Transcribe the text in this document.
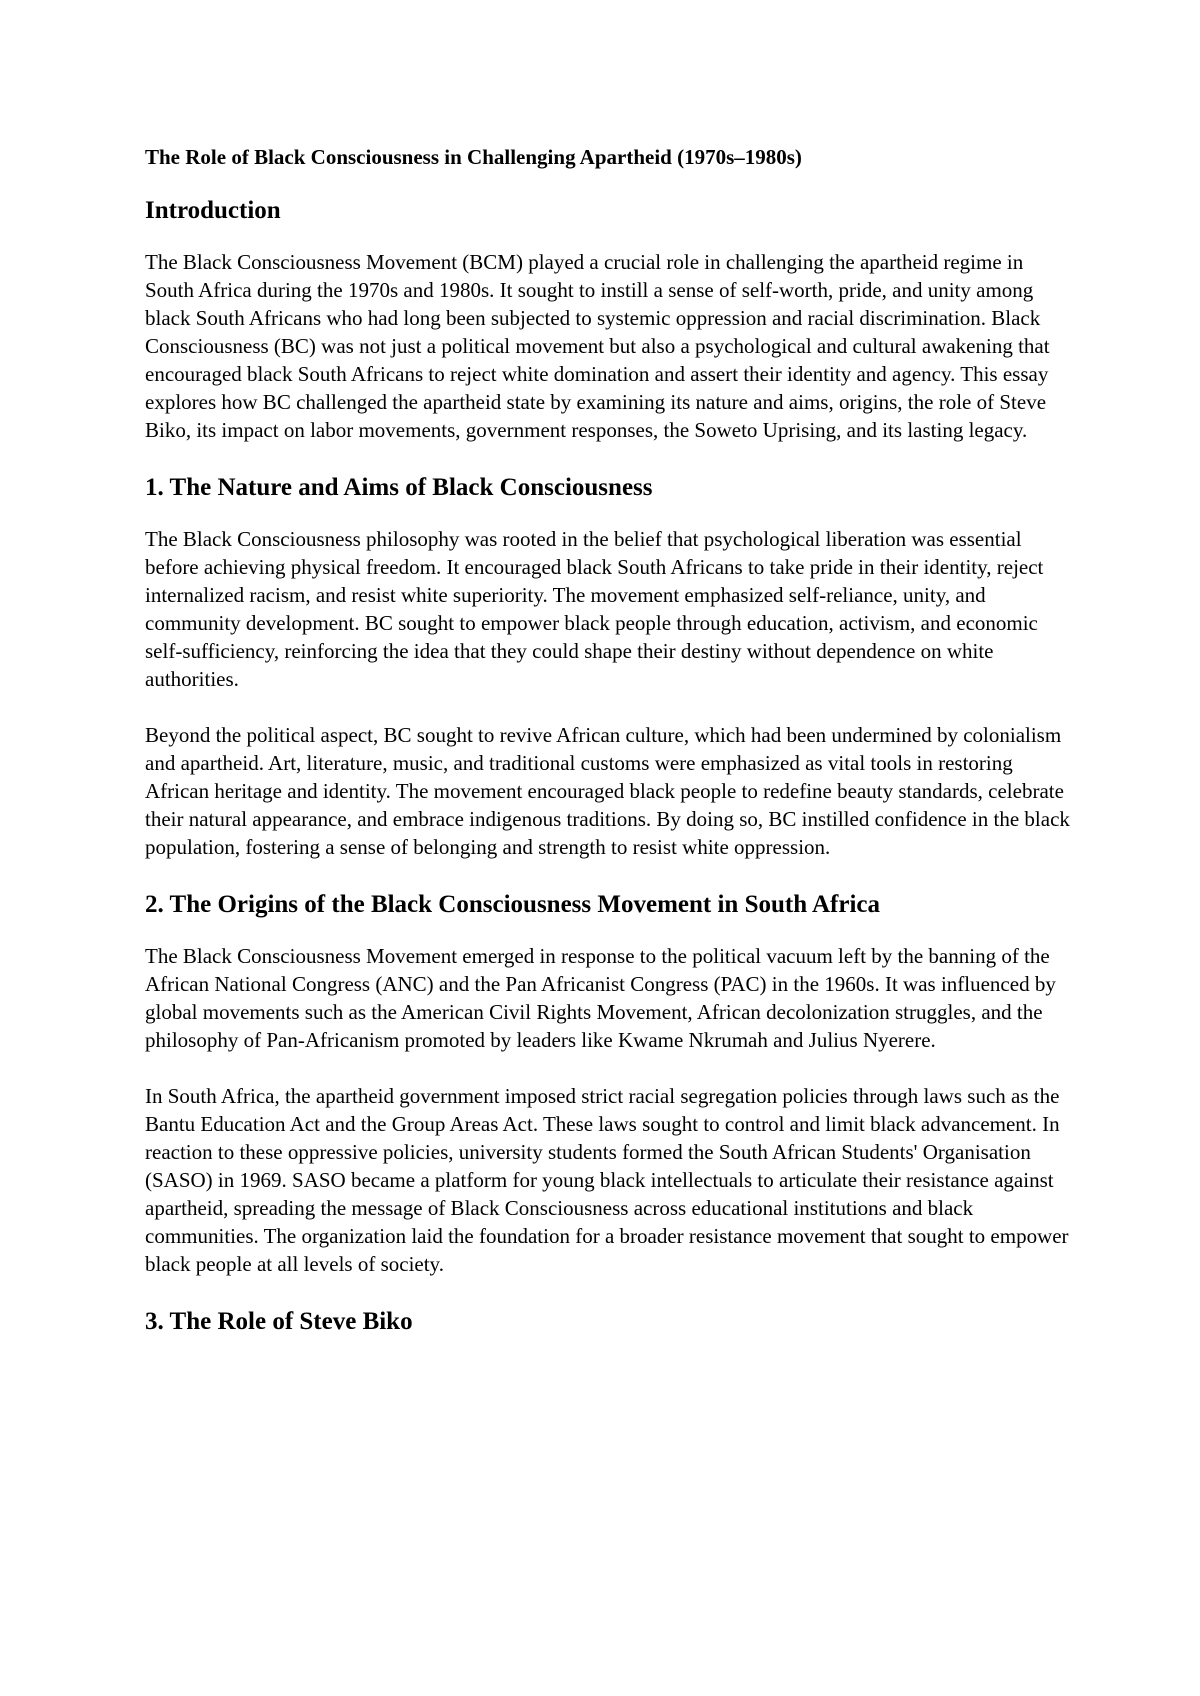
The Role of Black Consciousness in Challenging Apartheid (1970s–1980s)
Introduction

The Black Consciousness Movement (BCM) played a crucial role in challenging the apartheid regime in South Africa during the 1970s and 1980s. It sought to instill a sense of self-worth, pride, and unity among black South Africans who had long been subjected to systemic oppression and racial discrimination. Black Consciousness (BC) was not just a political movement but also a psychological and cultural awakening that encouraged black South Africans to reject white domination and assert their identity and agency. This essay explores how BC challenged the apartheid state by examining its nature and aims, origins, the role of Steve Biko, its impact on labor movements, government responses, the Soweto Uprising, and its lasting legacy.

1. The Nature and Aims of Black Consciousness

The Black Consciousness philosophy was rooted in the belief that psychological liberation was essential before achieving physical freedom. It encouraged black South Africans to take pride in their identity, reject internalized racism, and resist white superiority. The movement emphasized self-reliance, unity, and community development. BC sought to empower black people through education, activism, and economic self-sufficiency, reinforcing the idea that they could shape their destiny without dependence on white authorities.

Beyond the political aspect, BC sought to revive African culture, which had been undermined by colonialism and apartheid. Art, literature, music, and traditional customs were emphasized as vital tools in restoring African heritage and identity. The movement encouraged black people to redefine beauty standards, celebrate their natural appearance, and embrace indigenous traditions. By doing so, BC instilled confidence in the black population, fostering a sense of belonging and strength to resist white oppression.

2. The Origins of the Black Consciousness Movement in South Africa

The Black Consciousness Movement emerged in response to the political vacuum left by the banning of the African National Congress (ANC) and the Pan Africanist Congress (PAC) in the 1960s. It was influenced by global movements such as the American Civil Rights Movement, African decolonization struggles, and the philosophy of Pan-Africanism promoted by leaders like Kwame Nkrumah and Julius Nyerere.

In South Africa, the apartheid government imposed strict racial segregation policies through laws such as the Bantu Education Act and the Group Areas Act. These laws sought to control and limit black advancement. In reaction to these oppressive policies, university students formed the South African Students' Organisation (SASO) in 1969. SASO became a platform for young black intellectuals to articulate their resistance against apartheid, spreading the message of Black Consciousness across educational institutions and black communities. The organization laid the foundation for a broader resistance movement that sought to empower black people at all levels of society.

3. The Role of Steve Biko
